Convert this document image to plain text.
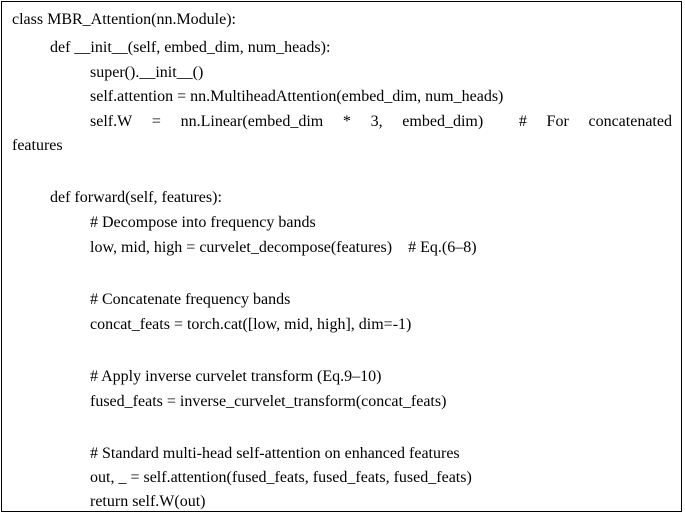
class MBR_Attention(nn.Module):
def __init__(self, embed_dim, num_heads):
super().__init__()
self.attention = nn.MultiheadAttention(embed_dim, num_heads)
self.W = nn.Linear(embed_dim * 3, embed_dim) # For concatenated
features
def forward(self, features):
# Decompose into frequency bands
low, mid, high = curvelet_decompose(features)    # Eq.(6–8)
# Concatenate frequency bands
concat_feats = torch.cat([low, mid, high], dim=-1)
# Apply inverse curvelet transform (Eq.9–10)
fused_feats = inverse_curvelet_transform(concat_feats)
# Standard multi-head self-attention on enhanced features
out, _ = self.attention(fused_feats, fused_feats, fused_feats)
return self.W(out)
